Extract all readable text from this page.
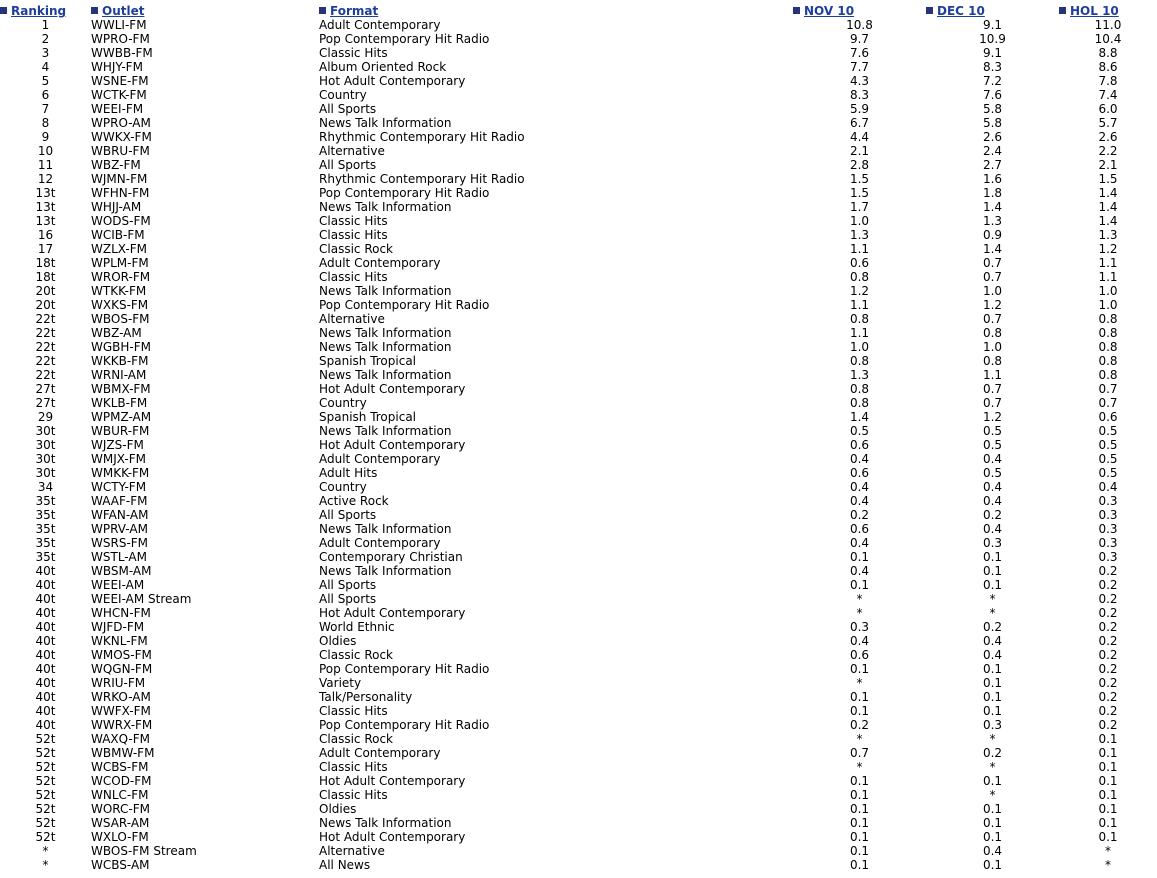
Ranking	Outlet	Format	NOV 10	DEC 10	HOL 10
1	WWLI-FM	Adult Contemporary	10.8	9.1	11.0
2	WPRO-FM	Pop Contemporary Hit Radio	9.7	10.9	10.4
3	WWBB-FM	Classic Hits	7.6	9.1	8.8
4	WHJY-FM	Album Oriented Rock	7.7	8.3	8.6
5	WSNE-FM	Hot Adult Contemporary	4.3	7.2	7.8
6	WCTK-FM	Country	8.3	7.6	7.4
7	WEEI-FM	All Sports	5.9	5.8	6.0
8	WPRO-AM	News Talk Information	6.7	5.8	5.7
9	WWKX-FM	Rhythmic Contemporary Hit Radio	4.4	2.6	2.6
10	WBRU-FM	Alternative	2.1	2.4	2.2
11	WBZ-FM	All Sports	2.8	2.7	2.1
12	WJMN-FM	Rhythmic Contemporary Hit Radio	1.5	1.6	1.5
13t	WFHN-FM	Pop Contemporary Hit Radio	1.5	1.8	1.4
13t	WHJJ-AM	News Talk Information	1.7	1.4	1.4
13t	WODS-FM	Classic Hits	1.0	1.3	1.4
16	WCIB-FM	Classic Hits	1.3	0.9	1.3
17	WZLX-FM	Classic Rock	1.1	1.4	1.2
18t	WPLM-FM	Adult Contemporary	0.6	0.7	1.1
18t	WROR-FM	Classic Hits	0.8	0.7	1.1
20t	WTKK-FM	News Talk Information	1.2	1.0	1.0
20t	WXKS-FM	Pop Contemporary Hit Radio	1.1	1.2	1.0
22t	WBOS-FM	Alternative	0.8	0.7	0.8
22t	WBZ-AM	News Talk Information	1.1	0.8	0.8
22t	WGBH-FM	News Talk Information	1.0	1.0	0.8
22t	WKKB-FM	Spanish Tropical	0.8	0.8	0.8
22t	WRNI-AM	News Talk Information	1.3	1.1	0.8
27t	WBMX-FM	Hot Adult Contemporary	0.8	0.7	0.7
27t	WKLB-FM	Country	0.8	0.7	0.7
29	WPMZ-AM	Spanish Tropical	1.4	1.2	0.6
30t	WBUR-FM	News Talk Information	0.5	0.5	0.5
30t	WJZS-FM	Hot Adult Contemporary	0.6	0.5	0.5
30t	WMJX-FM	Adult Contemporary	0.4	0.4	0.5
30t	WMKK-FM	Adult Hits	0.6	0.5	0.5
34	WCTY-FM	Country	0.4	0.4	0.4
35t	WAAF-FM	Active Rock	0.4	0.4	0.3
35t	WFAN-AM	All Sports	0.2	0.2	0.3
35t	WPRV-AM	News Talk Information	0.6	0.4	0.3
35t	WSRS-FM	Adult Contemporary	0.4	0.3	0.3
35t	WSTL-AM	Contemporary Christian	0.1	0.1	0.3
40t	WBSM-AM	News Talk Information	0.4	0.1	0.2
40t	WEEI-AM	All Sports	0.1	0.1	0.2
40t	WEEI-AM Stream	All Sports	*	*	0.2
40t	WHCN-FM	Hot Adult Contemporary	*	*	0.2
40t	WJFD-FM	World Ethnic	0.3	0.2	0.2
40t	WKNL-FM	Oldies	0.4	0.4	0.2
40t	WMOS-FM	Classic Rock	0.6	0.4	0.2
40t	WQGN-FM	Pop Contemporary Hit Radio	0.1	0.1	0.2
40t	WRIU-FM	Variety	*	0.1	0.2
40t	WRKO-AM	Talk/Personality	0.1	0.1	0.2
40t	WWFX-FM	Classic Hits	0.1	0.1	0.2
40t	WWRX-FM	Pop Contemporary Hit Radio	0.2	0.3	0.2
52t	WAXQ-FM	Classic Rock	*	*	0.1
52t	WBMW-FM	Adult Contemporary	0.7	0.2	0.1
52t	WCBS-FM	Classic Hits	*	*	0.1
52t	WCOD-FM	Hot Adult Contemporary	0.1	0.1	0.1
52t	WNLC-FM	Classic Hits	0.1	*	0.1
52t	WORC-FM	Oldies	0.1	0.1	0.1
52t	WSAR-AM	News Talk Information	0.1	0.1	0.1
52t	WXLO-FM	Hot Adult Contemporary	0.1	0.1	0.1
*	WBOS-FM Stream	Alternative	0.1	0.4	*
*	WCBS-AM	All News	0.1	0.1	*
